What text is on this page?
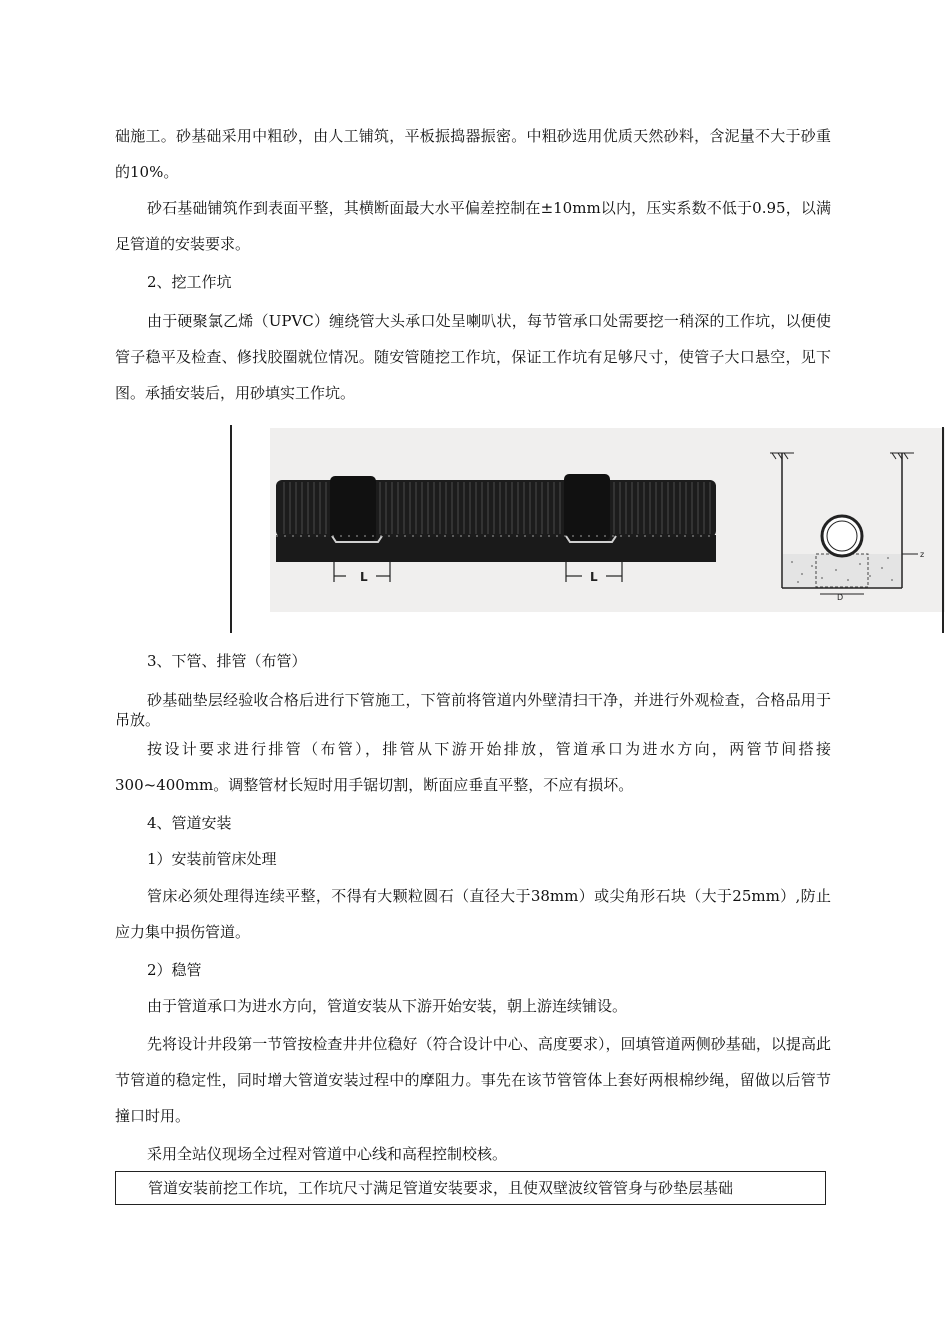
础施工。砂基础采用中粗砂，由人工铺筑，平板振捣器振密。中粗砂选用优质天然砂料，含泥量不大于砂重的10%。

砂石基础铺筑作到表面平整，其横断面最大水平偏差控制在±10mm以内，压实系数不低于0.95，以满足管道的安装要求。

2、挖工作坑

由于硬聚氯乙烯（UPVC）缠绕管大头承口处呈喇叭状，每节管承口处需要挖一稍深的工作坑，以便使管子稳平及检查、修找胶圈就位情况。随安管随挖工作坑，保证工作坑有足够尺寸，使管子大口悬空，见下图。承插安装后，用砂填实工作坑。

L	L
z
D

3、下管、排管（布管）

砂基础垫层经验收合格后进行下管施工，下管前将管道内外壁清扫干净，并进行外观检查，合格品用于吊放。

按设计要求进行排管（布管），排管从下游开始排放，管道承口为进水方向，两管节间搭接300~400mm。调整管材长短时用手锯切割，断面应垂直平整，不应有损坏。

4、管道安装

1）安装前管床处理

管床必须处理得连续平整，不得有大颗粒圆石（直径大于38mm）或尖角形石块（大于25mm）,防止应力集中损伤管道。

2）稳管

由于管道承口为进水方向，管道安装从下游开始安装，朝上游连续铺设。

先将设计井段第一节管按检查井井位稳好（符合设计中心、高度要求），回填管道两侧砂基础，以提高此节管道的稳定性，同时增大管道安装过程中的摩阻力。事先在该节管管体上套好两根棉纱绳，留做以后管节撞口时用。

采用全站仪现场全过程对管道中心线和高程控制校核。

管道安装前挖工作坑，工作坑尺寸满足管道安装要求，且使双壁波纹管管身与砂垫层基础
